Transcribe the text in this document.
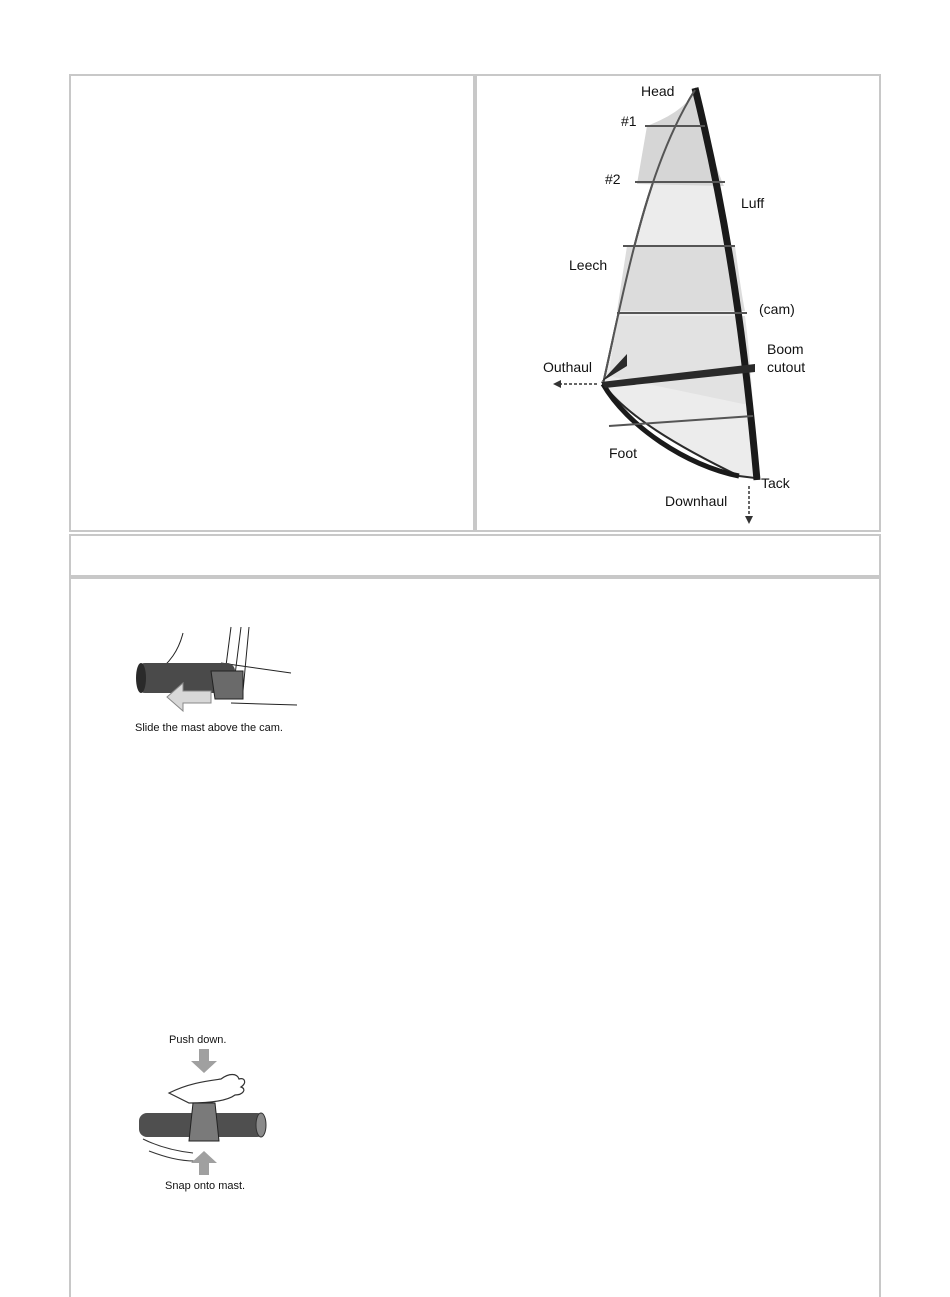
Head
#1
#2
Luff
Leech
(cam)
Boom
cutout
Outhaul
Foot
Tack
Downhaul
Slide the mast above the cam.
Push down.
Snap onto mast.
